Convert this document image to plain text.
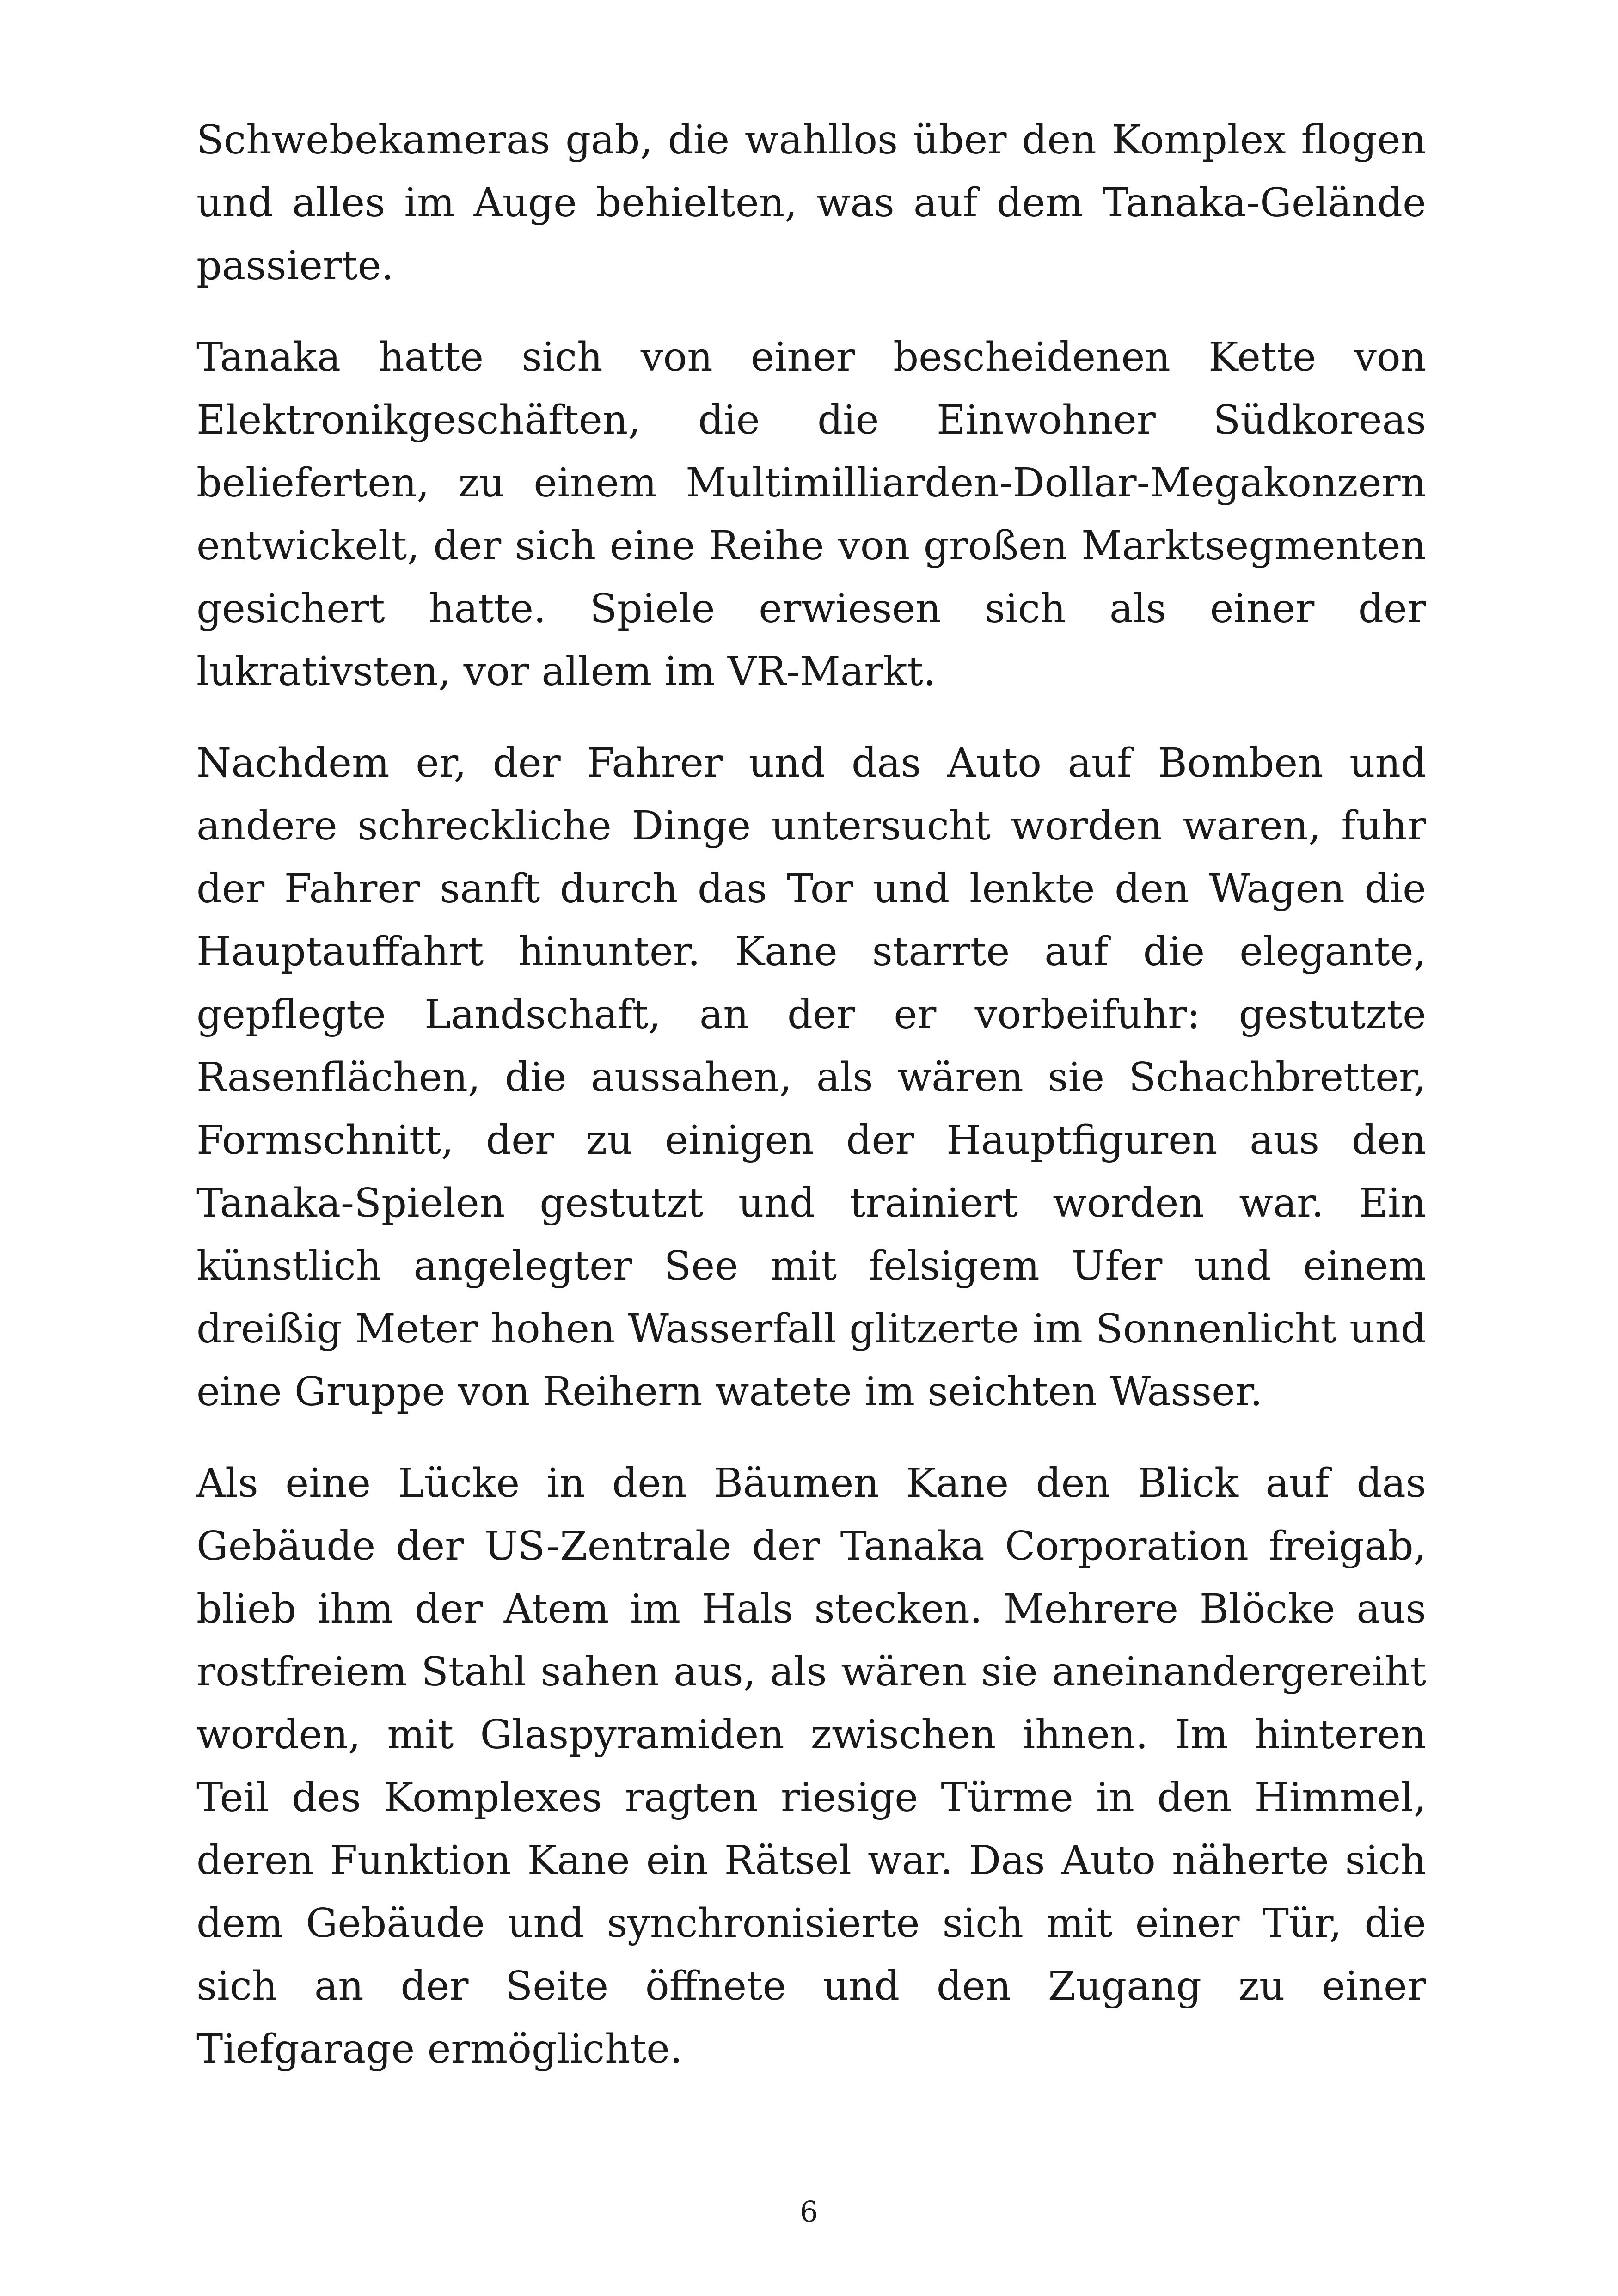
Schwebekameras gab, die wahllos über den Komplex flogen und alles im Auge behielten, was auf dem Tanaka-Gelände passierte.

Tanaka hatte sich von einer bescheidenen Kette von Elektronikgeschäften, die die Einwohner Südkoreas belieferten, zu einem Multimilliarden-Dollar-Megakonzern entwickelt, der sich eine Reihe von großen Marktsegmenten gesichert hatte. Spiele erwiesen sich als einer der lukrativsten, vor allem im VR-Markt.

Nachdem er, der Fahrer und das Auto auf Bomben und andere schreckliche Dinge untersucht worden waren, fuhr der Fahrer sanft durch das Tor und lenkte den Wagen die Hauptauffahrt hinunter. Kane starrte auf die elegante, gepflegte Landschaft, an der er vorbeifuhr: gestutzte Rasenflächen, die aussahen, als wären sie Schachbretter, Formschnitt, der zu einigen der Hauptfiguren aus den Tanaka-Spielen gestutzt und trainiert worden war. Ein künstlich angelegter See mit felsigem Ufer und einem dreißig Meter hohen Wasserfall glitzerte im Sonnenlicht und eine Gruppe von Reihern watete im seichten Wasser.

Als eine Lücke in den Bäumen Kane den Blick auf das Gebäude der US-Zentrale der Tanaka Corporation freigab, blieb ihm der Atem im Hals stecken. Mehrere Blöcke aus rostfreiem Stahl sahen aus, als wären sie aneinandergereiht worden, mit Glaspyramiden zwischen ihnen. Im hinteren Teil des Komplexes ragten riesige Türme in den Himmel, deren Funktion Kane ein Rätsel war. Das Auto näherte sich dem Gebäude und synchronisierte sich mit einer Tür, die sich an der Seite öffnete und den Zugang zu einer Tiefgarage ermöglichte.

6
